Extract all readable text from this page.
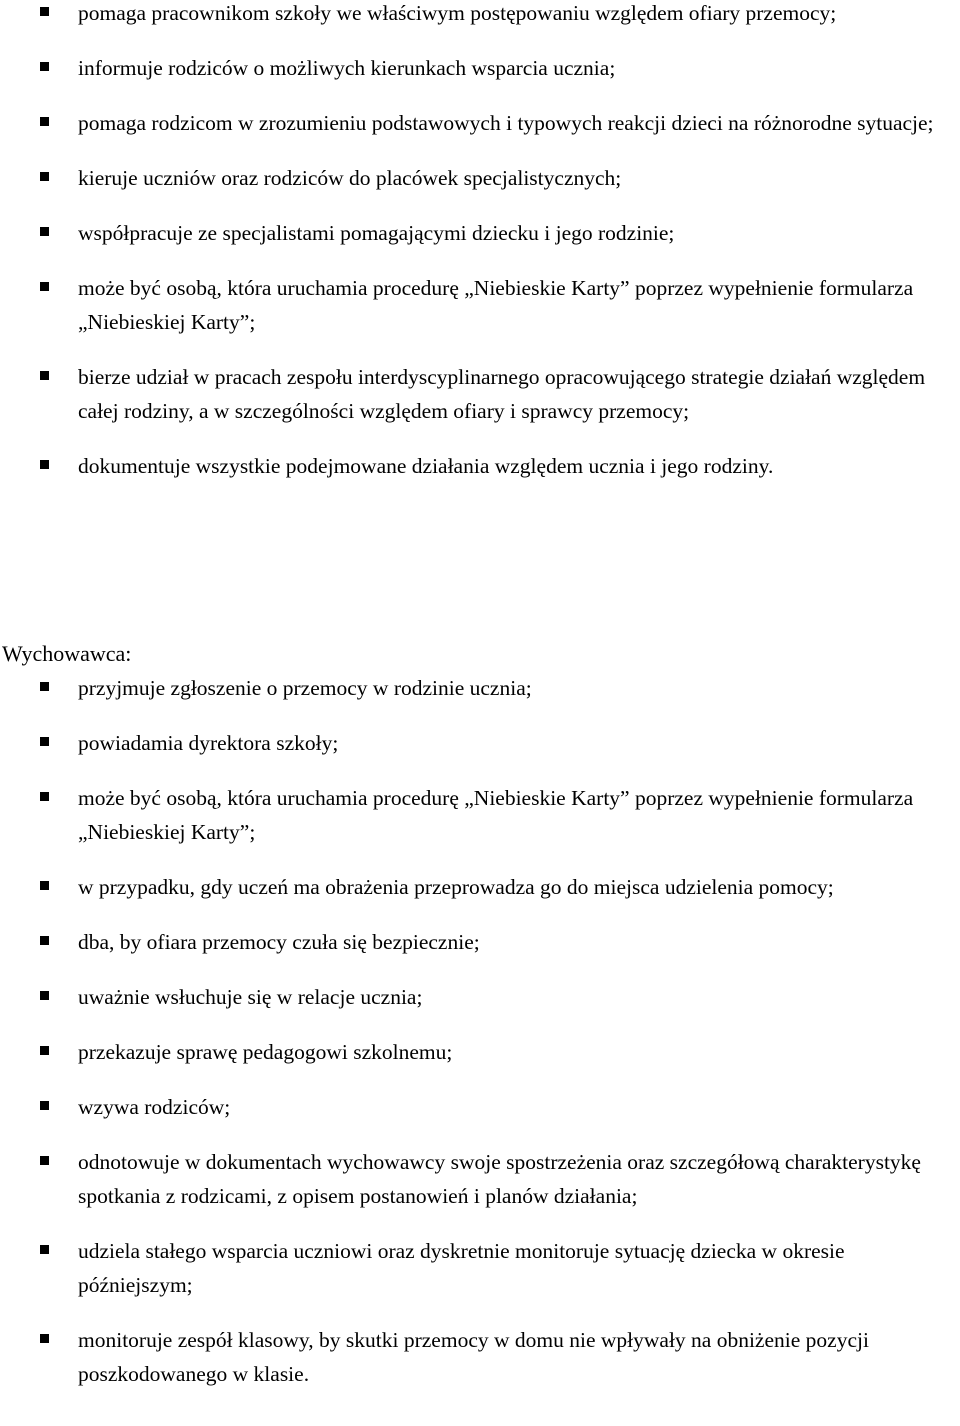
pomaga pracownikom szkoły we właściwym postępowaniu względem ofiary przemocy;
informuje rodziców o możliwych kierunkach wsparcia ucznia;
pomaga rodzicom w zrozumieniu podstawowych i typowych reakcji dzieci na różnorodne sytuacje;
kieruje uczniów oraz rodziców do placówek specjalistycznych;
współpracuje ze specjalistami pomagającymi dziecku i jego rodzinie;
może być osobą, która uruchamia procedurę „Niebieskie Karty” poprzez wypełnienie formularza „Niebieskiej Karty”;
bierze udział w pracach zespołu interdyscyplinarnego opracowującego strategie działań względem całej rodziny, a w szczególności względem ofiary i sprawcy przemocy;
dokumentuje wszystkie podejmowane działania względem ucznia i jego rodziny.
Wychowawca:
przyjmuje zgłoszenie o przemocy w rodzinie ucznia;
powiadamia dyrektora szkoły;
może być osobą, która uruchamia procedurę „Niebieskie Karty” poprzez wypełnienie formularza „Niebieskiej Karty”;
w przypadku, gdy uczeń ma obrażenia przeprowadza go do miejsca udzielenia pomocy;
dba, by ofiara przemocy czuła się bezpiecznie;
uważnie wsłuchuje się w relacje ucznia;
przekazuje sprawę pedagogowi szkolnemu;
wzywa rodziców;
odnotowuje w dokumentach wychowawcy swoje spostrzeżenia oraz szczegółową charakterystykę spotkania z rodzicami, z opisem postanowień i planów działania;
udziela stałego wsparcia uczniowi oraz dyskretnie monitoruje sytuację dziecka w okresie późniejszym;
monitoruje zespół klasowy, by skutki przemocy w domu nie wpływały na obniżenie pozycji poszkodowanego w klasie.
